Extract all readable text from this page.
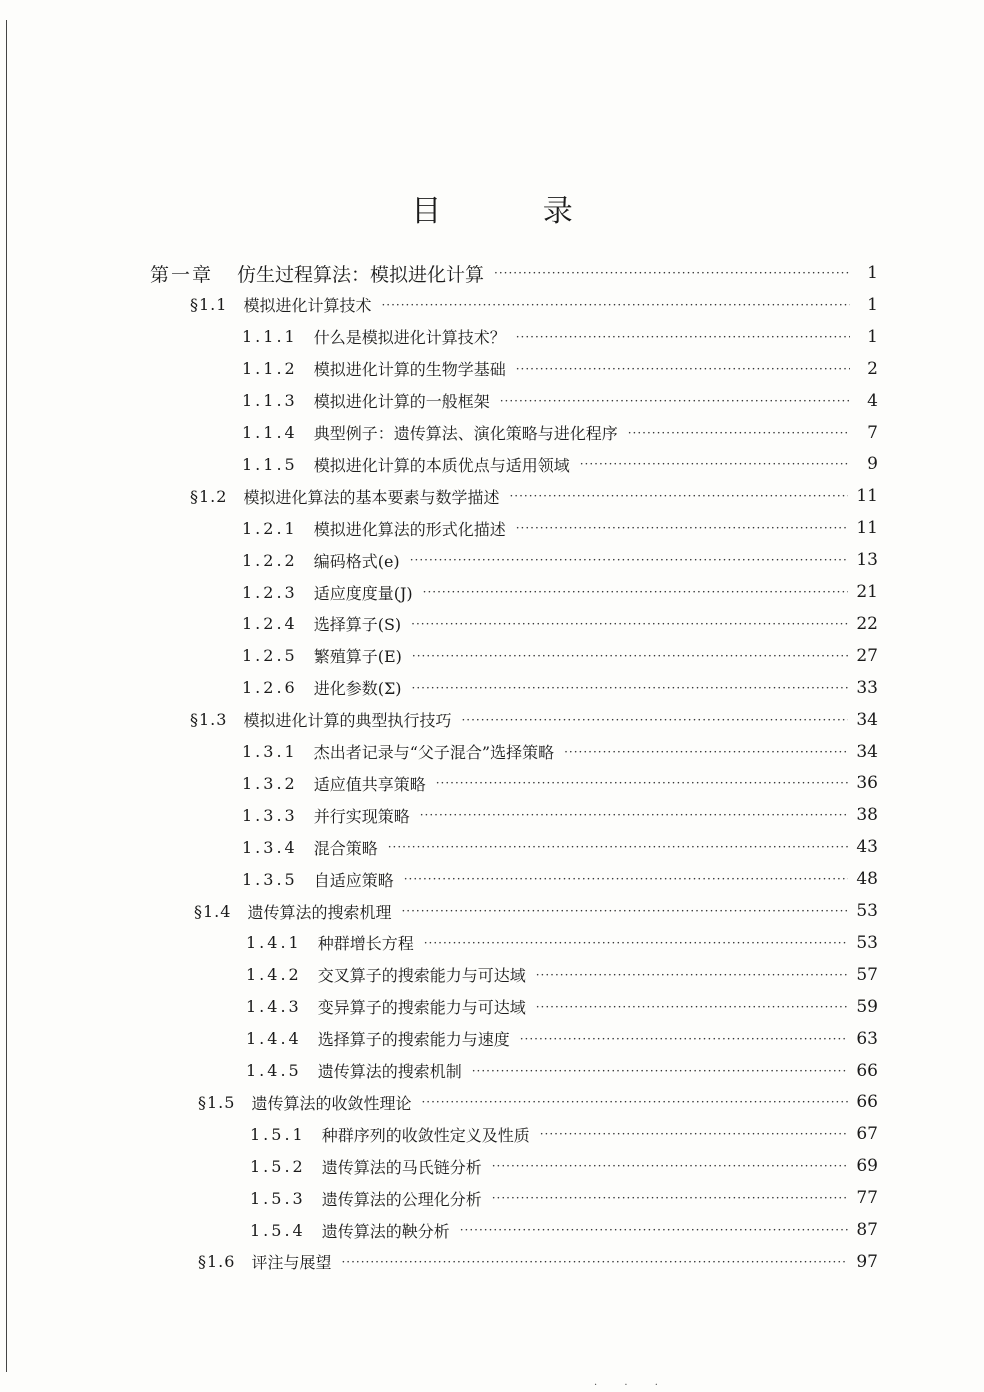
目 录
第一章 仿生过程算法：模拟进化计算 ·····	1
§1.1 模拟进化计算技术 ·····	1
1.1.1 什么是模拟进化计算技术？ ·····	1
1.1.2 模拟进化计算的生物学基础 ·····	2
1.1.3 模拟进化计算的一般框架 ·····	4
1.1.4 典型例子：遗传算法、演化策略与进化程序 ·····	7
1.1.5 模拟进化计算的本质优点与适用领域 ·····	9
§1.2 模拟进化算法的基本要素与数学描述 ·····	11
1.2.1 模拟进化算法的形式化描述 ·····	11
1.2.2 编码格式(e) ·····	13
1.2.3 适应度度量(J) ·····	21
1.2.4 选择算子(S) ·····	22
1.2.5 繁殖算子(E) ·····	27
1.2.6 进化参数(Σ) ·····	33
§1.3 模拟进化计算的典型执行技巧 ·····	34
1.3.1 杰出者记录与“父子混合”选择策略 ·····	34
1.3.2 适应值共享策略 ·····	36
1.3.3 并行实现策略 ·····	38
1.3.4 混合策略 ·····	43
1.3.5 自适应策略 ·····	48
§1.4 遗传算法的搜索机理 ·····	53
1.4.1 种群增长方程 ·····	53
1.4.2 交叉算子的搜索能力与可达域 ·····	57
1.4.3 变异算子的搜索能力与可达域 ·····	59
1.4.4 选择算子的搜索能力与速度 ·····	63
1.4.5 遗传算法的搜索机制 ·····	66
§1.5 遗传算法的收敛性理论 ·····	66
1.5.1 种群序列的收敛性定义及性质 ·····	67
1.5.2 遗传算法的马氏链分析 ·····	69
1.5.3 遗传算法的公理化分析 ·····	77
1.5.4 遗传算法的鞅分析 ·····	87
§1.6 评注与展望 ·····	97
· · ·
